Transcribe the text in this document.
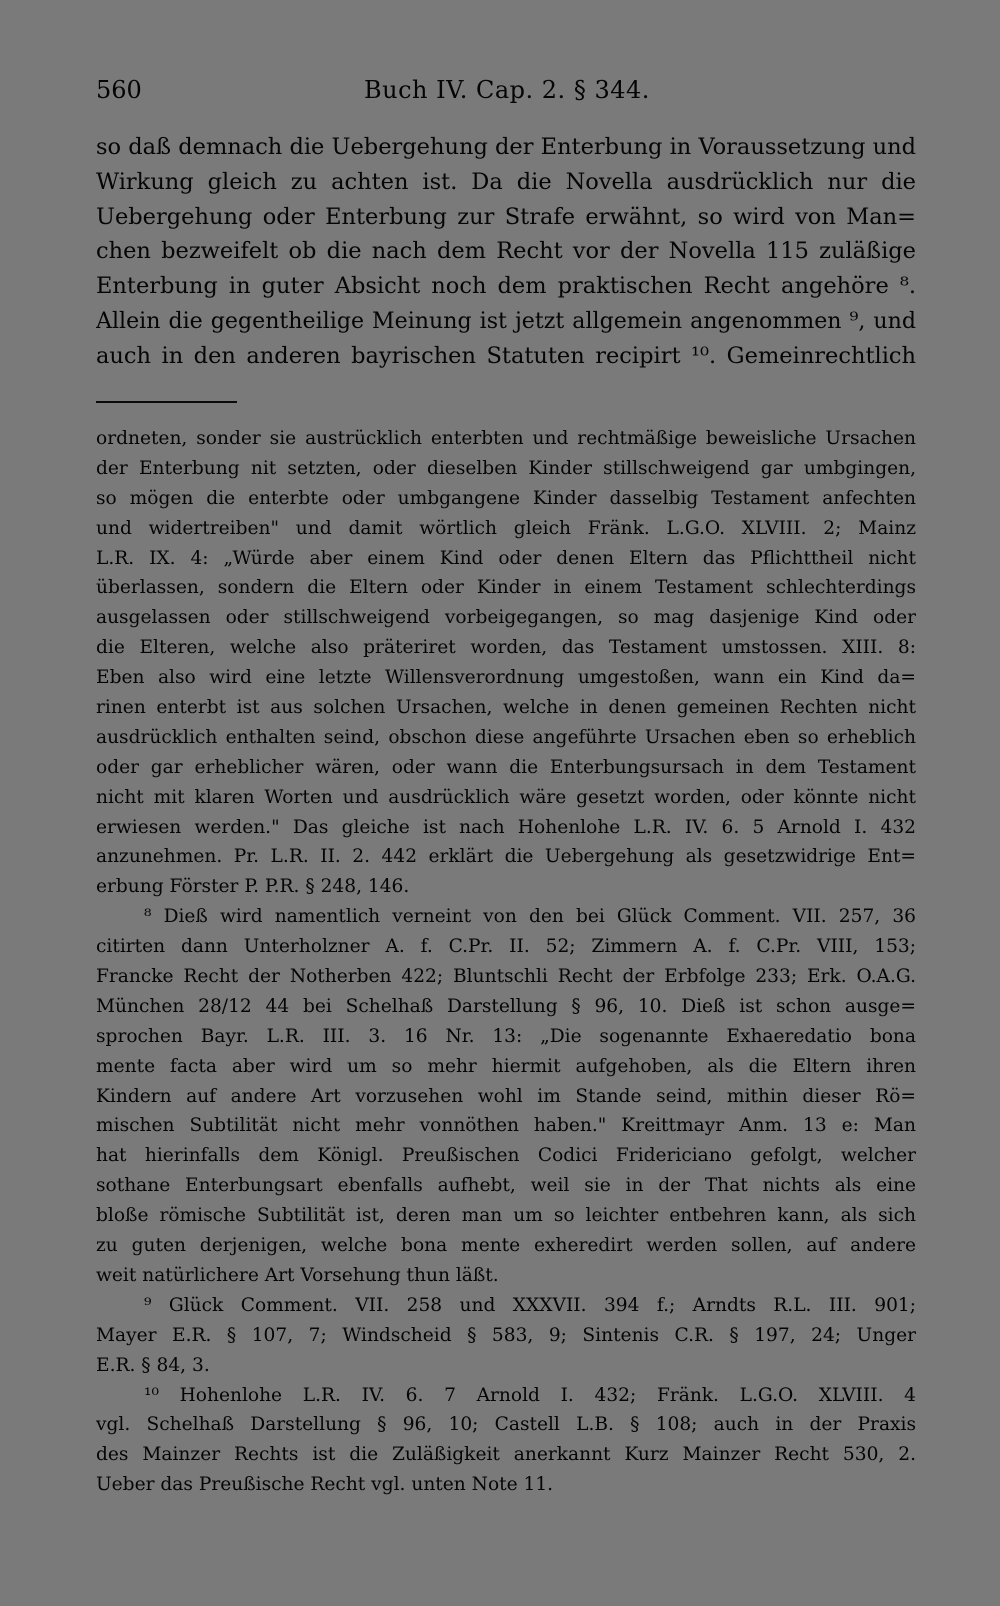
560	Buch IV. Cap. 2. § 344.
so daß demnach die Uebergehung der Enterbung in Voraussetzung und
Wirkung gleich zu achten ist. Da die Novella ausdrücklich nur die
Uebergehung oder Enterbung zur Strafe erwähnt, so wird von Man=
chen bezweifelt ob die nach dem Recht vor der Novella 115 zuläßige
Enterbung in guter Absicht noch dem praktischen Recht angehöre ⁸.
Allein die gegentheilige Meinung ist jetzt allgemein angenommen ⁹, und
auch in den anderen bayrischen Statuten recipirt ¹⁰. Gemeinrechtlich
ordneten, sonder sie austrücklich enterbten und rechtmäßige beweisliche Ursachen
der Enterbung nit setzten, oder dieselben Kinder stillschweigend gar umbgingen,
so mögen die enterbte oder umbgangene Kinder dasselbig Testament anfechten
und widertreiben" und damit wörtlich gleich Fränk. L.G.O. XLVIII. 2; Mainz
L.R. IX. 4: „Würde aber einem Kind oder denen Eltern das Pflichttheil nicht
überlassen, sondern die Eltern oder Kinder in einem Testament schlechterdings
ausgelassen oder stillschweigend vorbeigegangen, so mag dasjenige Kind oder
die Elteren, welche also präteriret worden, das Testament umstossen. XIII. 8:
Eben also wird eine letzte Willensverordnung umgestoßen, wann ein Kind da=
rinen enterbt ist aus solchen Ursachen, welche in denen gemeinen Rechten nicht
ausdrücklich enthalten seind, obschon diese angeführte Ursachen eben so erheblich
oder gar erheblicher wären, oder wann die Enterbungsursach in dem Testament
nicht mit klaren Worten und ausdrücklich wäre gesetzt worden, oder könnte nicht
erwiesen werden." Das gleiche ist nach Hohenlohe L.R. IV. 6. 5 Arnold I. 432
anzunehmen. Pr. L.R. II. 2. 442 erklärt die Uebergehung als gesetzwidrige Ent=
erbung Förster P. P.R. § 248, 146.
⁸ Dieß wird namentlich verneint von den bei Glück Comment. VII. 257, 36
citirten dann Unterholzner A. f. C.Pr. II. 52; Zimmern A. f. C.Pr. VIII, 153;
Francke Recht der Notherben 422; Bluntschli Recht der Erbfolge 233; Erk. O.A.G.
München 28/12 44 bei Schelhaß Darstellung § 96, 10. Dieß ist schon ausge=
sprochen Bayr. L.R. III. 3. 16 Nr. 13: „Die sogenannte Exhaeredatio bona
mente facta aber wird um so mehr hiermit aufgehoben, als die Eltern ihren
Kindern auf andere Art vorzusehen wohl im Stande seind, mithin dieser Rö=
mischen Subtilität nicht mehr vonnöthen haben." Kreittmayr Anm. 13 e: Man
hat hierinfalls dem Königl. Preußischen Codici Fridericiano gefolgt, welcher
sothane Enterbungsart ebenfalls aufhebt, weil sie in der That nichts als eine
bloße römische Subtilität ist, deren man um so leichter entbehren kann, als sich
zu guten derjenigen, welche bona mente exheredirt werden sollen, auf andere
weit natürlichere Art Vorsehung thun läßt.
⁹ Glück Comment. VII. 258 und XXXVII. 394 f.; Arndts R.L. III. 901;
Mayer E.R. § 107, 7; Windscheid § 583, 9; Sintenis C.R. § 197, 24; Unger
E.R. § 84, 3.
¹⁰ Hohenlohe L.R. IV. 6. 7 Arnold I. 432; Fränk. L.G.O. XLVIII. 4
vgl. Schelhaß Darstellung § 96, 10; Castell L.B. § 108; auch in der Praxis
des Mainzer Rechts ist die Zuläßigkeit anerkannt Kurz Mainzer Recht 530, 2.
Ueber das Preußische Recht vgl. unten Note 11.
